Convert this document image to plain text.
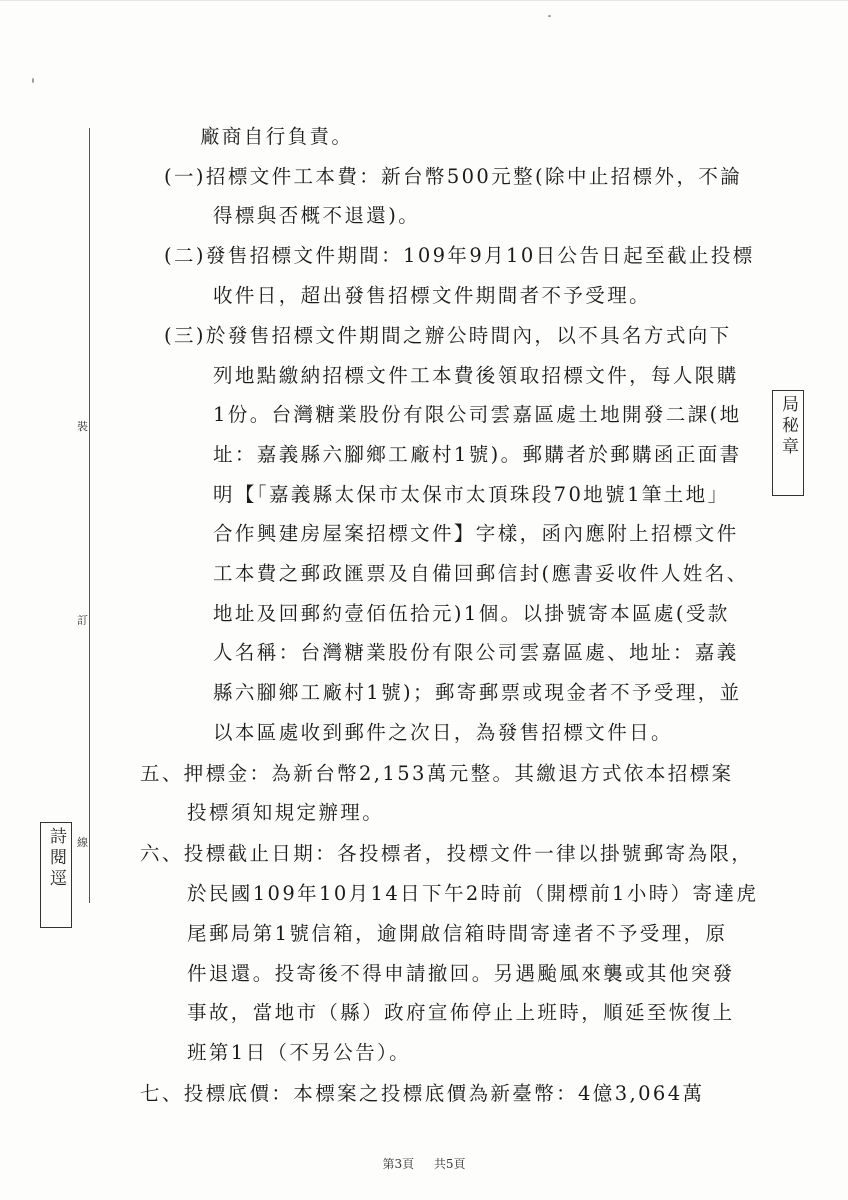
裝
訂
線
局秘章
詩閱逕
廠商自行負責。
(一)招標文件工本費：新台幣500元整(除中止招標外，不論
得標與否概不退還)。
(二)發售招標文件期間：109年9月10日公告日起至截止投標
收件日，超出發售招標文件期間者不予受理。
(三)於發售招標文件期間之辦公時間內，以不具名方式向下
列地點繳納招標文件工本費後領取招標文件，每人限購
1份。台灣糖業股份有限公司雲嘉區處土地開發二課(地
址：嘉義縣六腳鄉工廠村1號)。郵購者於郵購函正面書
明【「嘉義縣太保市太保市太頂珠段70地號1筆土地」
合作興建房屋案招標文件】字樣，函內應附上招標文件
工本費之郵政匯票及自備回郵信封(應書妥收件人姓名、
地址及回郵約壹佰伍拾元)1個。以掛號寄本區處(受款
人名稱：台灣糖業股份有限公司雲嘉區處、地址：嘉義
縣六腳鄉工廠村1號)；郵寄郵票或現金者不予受理，並
以本區處收到郵件之次日，為發售招標文件日。
五、押標金：為新台幣2,153萬元整。其繳退方式依本招標案
投標須知規定辦理。
六、投標截止日期：各投標者，投標文件一律以掛號郵寄為限，
於民國109年10月14日下午2時前（開標前1小時）寄達虎
尾郵局第1號信箱，逾開啟信箱時間寄達者不予受理，原
件退還。投寄後不得申請撤回。另遇颱風來襲或其他突發
事故，當地市（縣）政府宣佈停止上班時，順延至恢復上
班第1日（不另公告）。
七、投標底價：本標案之投標底價為新臺幣：4億3,064萬
第3頁 共5頁
